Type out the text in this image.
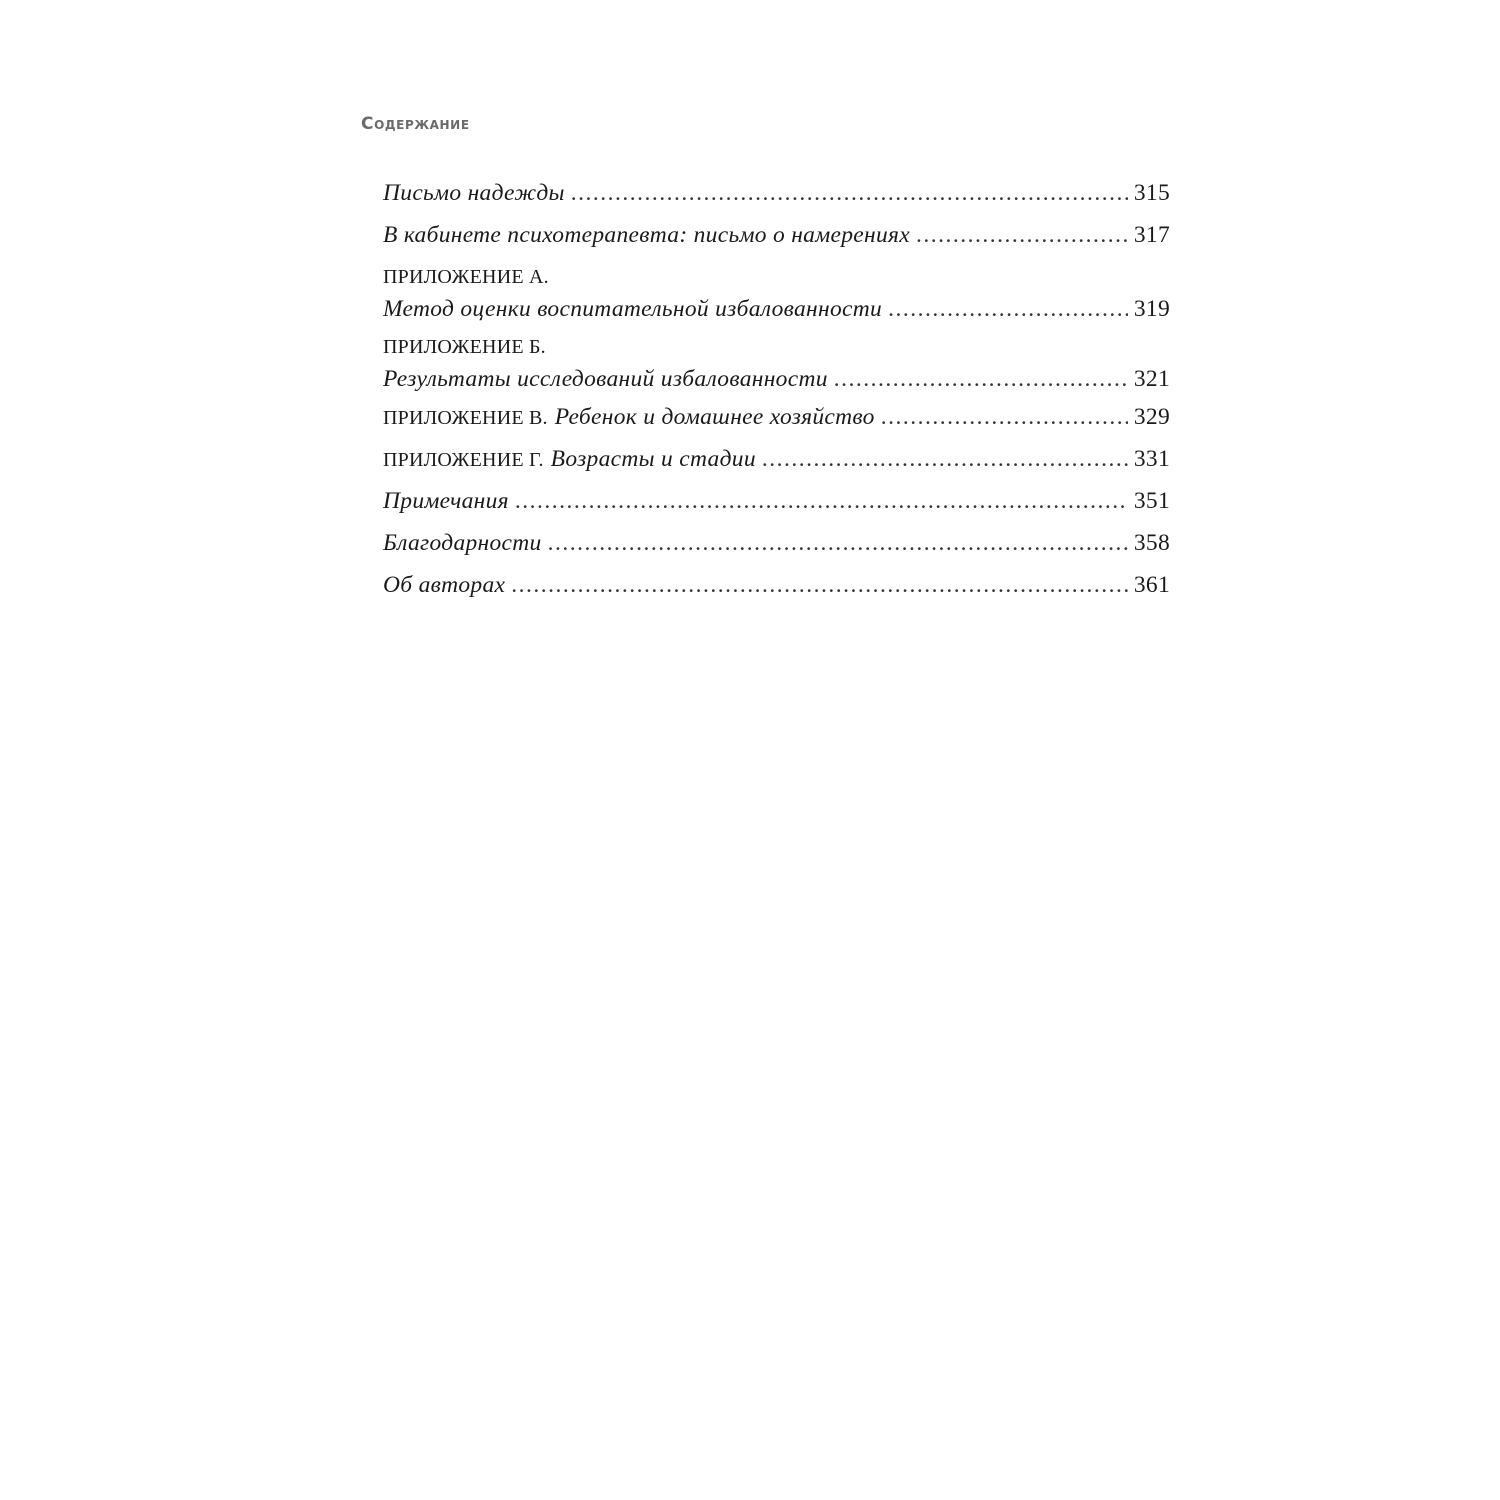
Содержание
Письмо надежды .....	315
В кабинете психотерапевта: письмо о намерениях .....	317
ПРИЛОЖЕНИЕ А.
Метод оценки воспитательной избалованности .....	319
ПРИЛОЖЕНИЕ Б.
Результаты исследований избалованности .....	321
ПРИЛОЖЕНИЕ В. Ребенок и домашнее хозяйство .....	329
ПРИЛОЖЕНИЕ Г. Возрасты и стадии .....	331
Примечания .....	351
Благодарности .....	358
Об авторах .....	361
